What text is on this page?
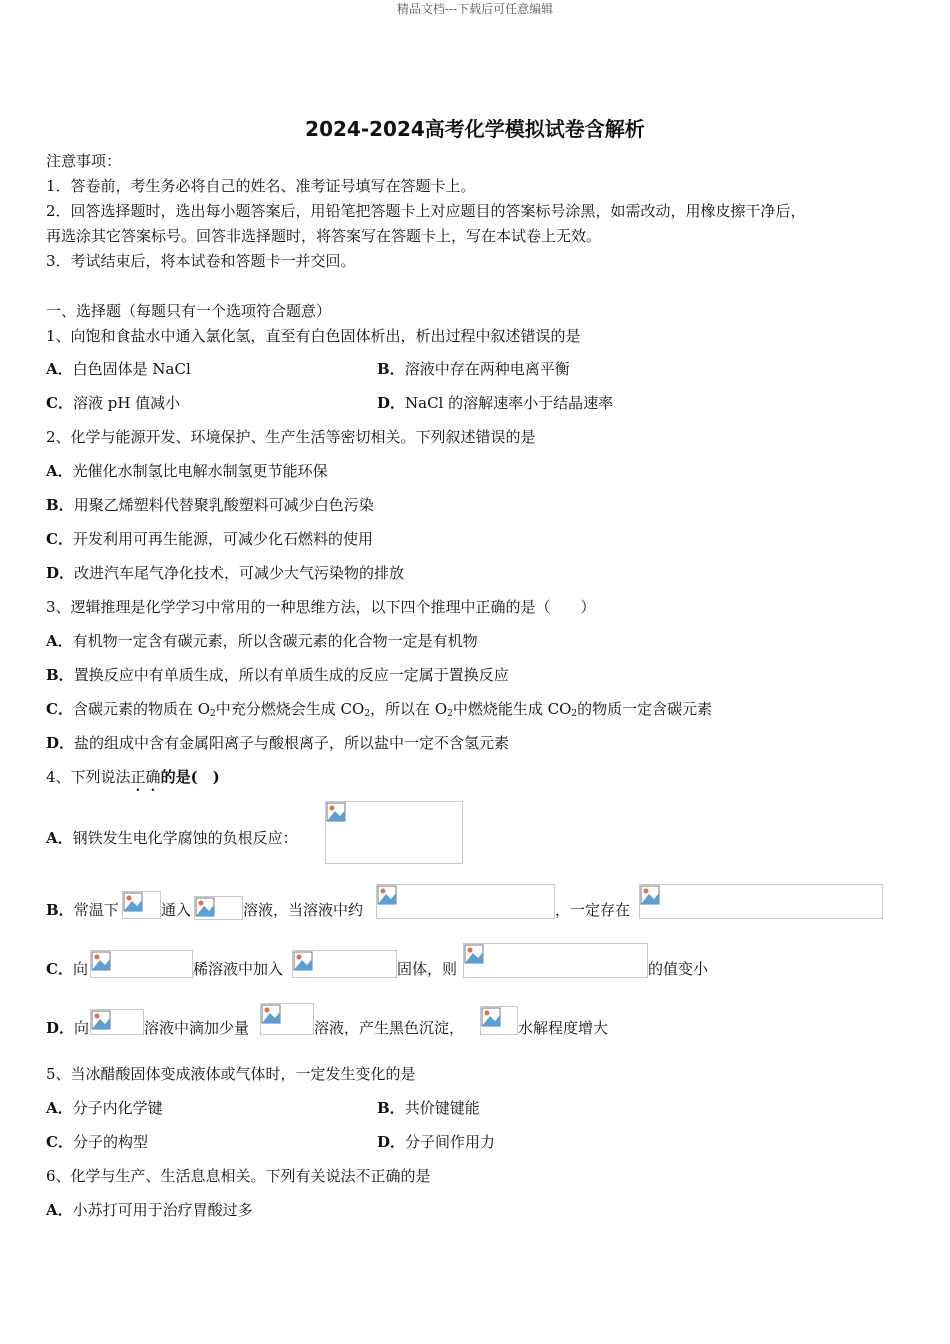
精品文档---下载后可任意编辑
2024-2024高考化学模拟试卷含解析
注意事项：
1．答卷前，考生务必将自己的姓名、准考证号填写在答题卡上。
2．回答选择题时，选出每小题答案后，用铅笔把答题卡上对应题目的答案标号涂黑，如需改动，用橡皮擦干净后，
再选涂其它答案标号。回答非选择题时，将答案写在答题卡上，写在本试卷上无效。
3．考试结束后，将本试卷和答题卡一并交回。
一、选择题（每题只有一个选项符合题意）
1、向饱和食盐水中通入氯化氢，直至有白色固体析出，析出过程中叙述错误的是
A．白色固体是 NaCl	B．溶液中存在两种电离平衡
C．溶液 pH 值减小	D．NaCl 的溶解速率小于结晶速率
2、化学与能源开发、环境保护、生产生活等密切相关。下列叙述错误的是
A．光催化水制氢比电解水制氢更节能环保
B．用聚乙烯塑料代替聚乳酸塑料可减少白色污染
C．开发利用可再生能源，可减少化石燃料的使用
D．改进汽车尾气净化技术，可减少大气污染物的排放
3、逻辑推理是化学学习中常用的一种思维方法，以下四个推理中正确的是（　　）
A．有机物一定含有碳元素，所以含碳元素的化合物一定是有机物
B．置换反应中有单质生成，所以有单质生成的反应一定属于置换反应
C．含碳元素的物质在 $O_2$中充分燃烧会生成 $CO_2$，所以在 $O_2$中燃烧能生成 $CO_2$的物质一定含碳元素
D．盐的组成中含有金属阳离子与酸根离子，所以盐中一定不含氢元素
4、下列说法正确的是(　)
A．钢铁发生电化学腐蚀的负根反应：
B．常温下	通入	溶液，当溶液中约	，一定存在
C．向	稀溶液中加入	固体，则	的值变小
D．向	溶液中滴加少量	溶液，产生黑色沉淀，	水解程度增大
5、当冰醋酸固体变成液体或气体时，一定发生变化的是
A．分子内化学键	B．共价键键能
C．分子的构型	D．分子间作用力
6、化学与生产、生活息息相关。下列有关说法不正确的是
A．小苏打可用于治疗胃酸过多
